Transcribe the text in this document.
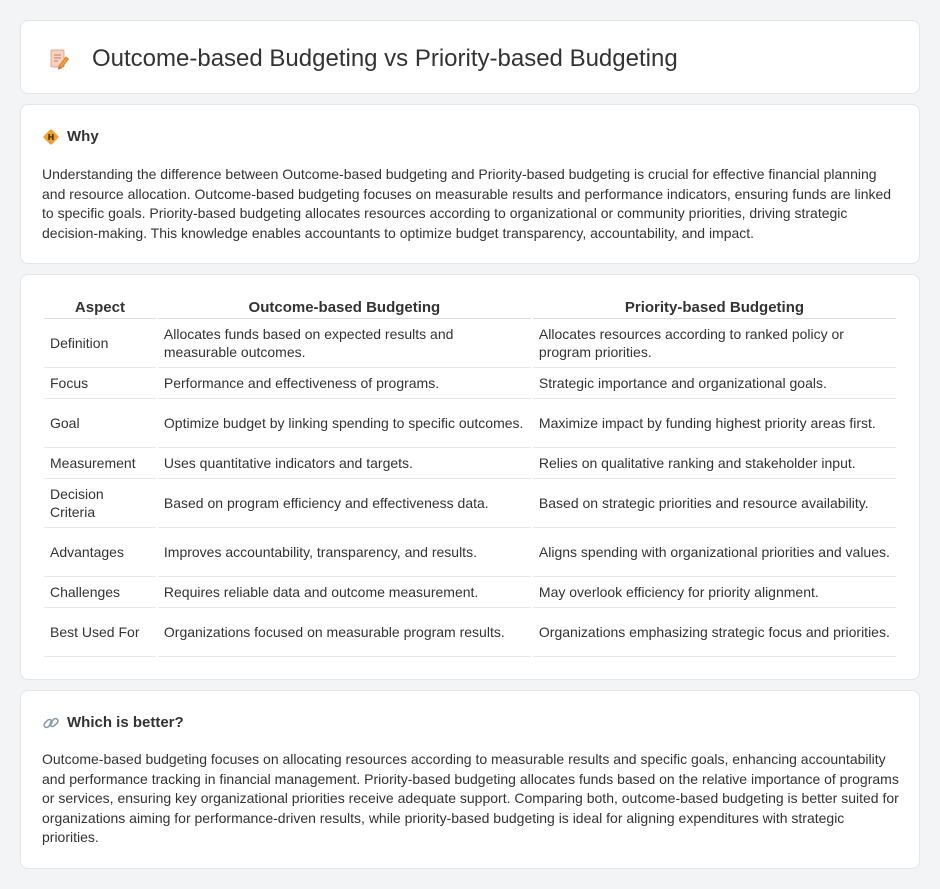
Outcome-based Budgeting vs Priority-based Budgeting
Why

Understanding the difference between Outcome-based budgeting and Priority-based budgeting is crucial for effective financial planning and resource allocation. Outcome-based budgeting focuses on measurable results and performance indicators, ensuring funds are linked to specific goals. Priority-based budgeting allocates resources according to organizational or community priorities, driving strategic decision-making. This knowledge enables accountants to optimize budget transparency, accountability, and impact.

Aspect	Outcome-based Budgeting	Priority-based Budgeting
Definition	Allocates funds based on expected results and measurable outcomes.	Allocates resources according to ranked policy or program priorities.
Focus	Performance and effectiveness of programs.	Strategic importance and organizational goals.
Goal	Optimize budget by linking spending to specific outcomes.	Maximize impact by funding highest priority areas first.
Measurement	Uses quantitative indicators and targets.	Relies on qualitative ranking and stakeholder input.
Decision Criteria	Based on program efficiency and effectiveness data.	Based on strategic priorities and resource availability.
Advantages	Improves accountability, transparency, and results.	Aligns spending with organizational priorities and values.
Challenges	Requires reliable data and outcome measurement.	May overlook efficiency for priority alignment.
Best Used For	Organizations focused on measurable program results.	Organizations emphasizing strategic focus and priorities.
Which is better?

Outcome-based budgeting focuses on allocating resources according to measurable results and specific goals, enhancing accountability and performance tracking in financial management. Priority-based budgeting allocates funds based on the relative importance of programs or services, ensuring key organizational priorities receive adequate support. Comparing both, outcome-based budgeting is better suited for organizations aiming for performance-driven results, while priority-based budgeting is ideal for aligning expenditures with strategic priorities.
